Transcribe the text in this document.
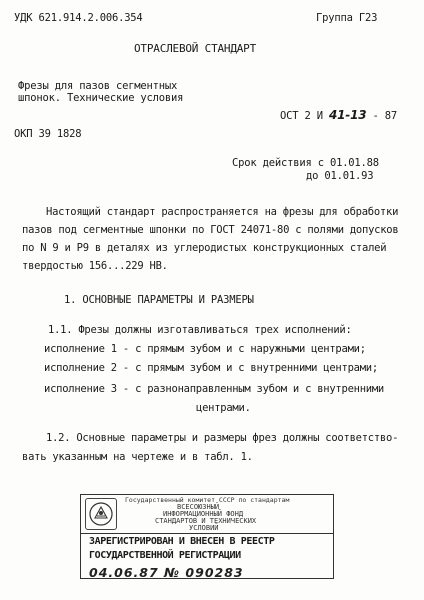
УДК 621.914.2.006.354	Группа Г23
ОТРАСЛЕВОЙ СТАНДАРТ
Фрезы для пазов сегментных
шпонок. Технические условия
ОСТ 2 И 41-13 - 87
ОКП 39 1828
Срок действия с 01.01.88
до 01.01.93
Настоящий стандарт распространяется на фрезы для обработки
пазов под сегментные шпонки по ГОСТ 24071-80 с полями допусков
по N 9 и P9 в деталях из углеродистых конструкционных сталей
твердостью 156...229 НВ.
1. ОСНОВНЫЕ ПАРАМЕТРЫ И РАЗМЕРЫ
1.1. Фрезы должны изготавливаться трех исполнений:
исполнение 1 - с прямым зубом и с наружными центрами;
исполнение 2 - с прямым зубом и с внутренними центрами;
исполнение 3 - с разнонаправленным зубом и с внутренними
центрами.
1.2. Основные параметры и размеры фрез должны соответство-
вать указанным на чертеже и в табл. 1.
Государственный комитет СССР по стандартам
ВСЕСОЮЗНЫЙ
ИНФОРМАЦИОННЫЙ ФОНД
СТАНДАРТОВ И ТЕХНИЧЕСКИХ
УСЛОВИЙ
ЗАРЕГИСТРИРОВАН И ВНЕСЕН В РЕЕСТР
ГОСУДАРСТВЕННОЙ РЕГИСТРАЦИИ
04.06.87 № 090283
